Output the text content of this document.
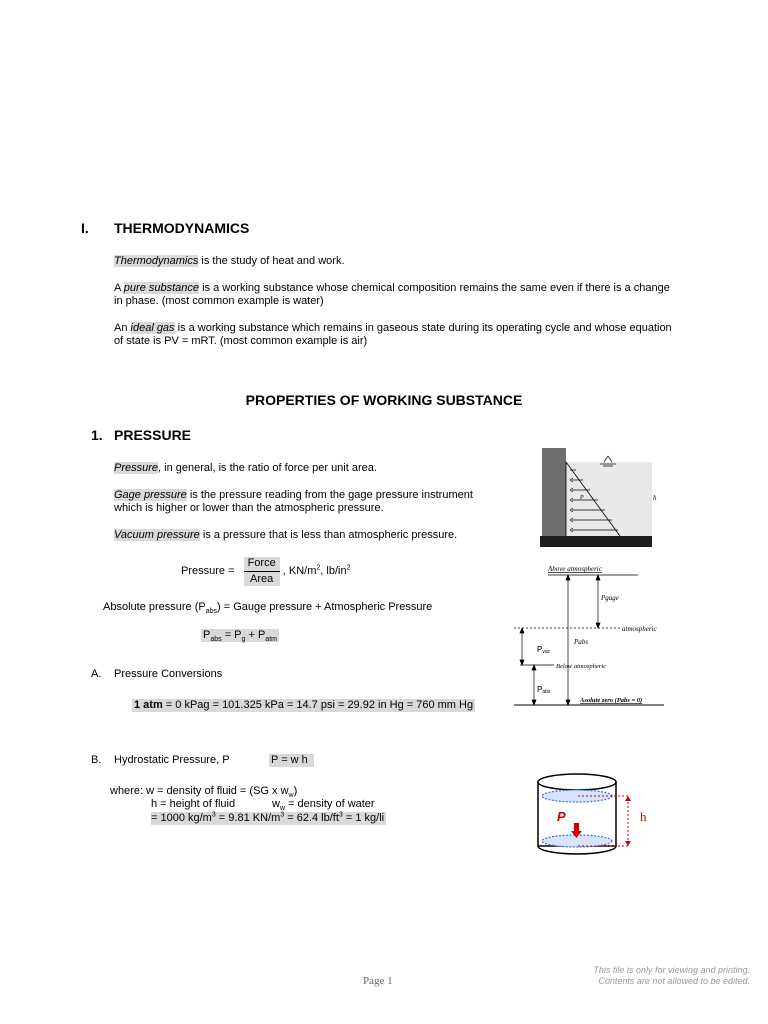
I. THERMODYNAMICS
Thermodynamics is the study of heat and work.
A pure substance is a working substance whose chemical composition remains the same even if there is a change
in phase. (most common example is water)
An ideal gas is a working substance which remains in gaseous state during its operating cycle and whose equation
of state is PV = mRT. (most common example is air)
PROPERTIES OF WORKING SUBSTANCE
1. PRESSURE
Pressure, in general, is the ratio of force per unit area.
Gage pressure is the pressure reading from the gage pressure instrument
which is higher or lower than the atmospheric pressure.
Vacuum pressure is a pressure that is less than atmospheric pressure.
Pressure = $\frac{\text{Force}}{\text{Area}}$ , $KN/m^2$, $lb/in^2$
Absolute pressure $(P_{abs})$ = Gauge pressure + Atmospheric Pressure
$P_{abs} = P_g + P_{atm}$
A. Pressure Conversions
1 atm = 0 kPag = 101.325 kPa = 14.7 psi = 29.92 in Hg = 760 mm Hg
B. Hydrostatic Pressure, P	P = w h
where: w = density of fluid = (SG x $w_w$)
h = height of fluid	$w_w$ = density of water
= 1000 $kg/m^3 = 9.81$ $KN/m^3 = 62.4$ $lb/ft^3 = 1$ kg/li
P	h
Above atmospheric
atmospheric
Below atmospheric
Asolute zero (Pabs = 0)
Pgage
Pabs
Pvac
Pabs
P	h
Page 1
This file is only for viewing and printing.
Contents are not allowed to be edited.
